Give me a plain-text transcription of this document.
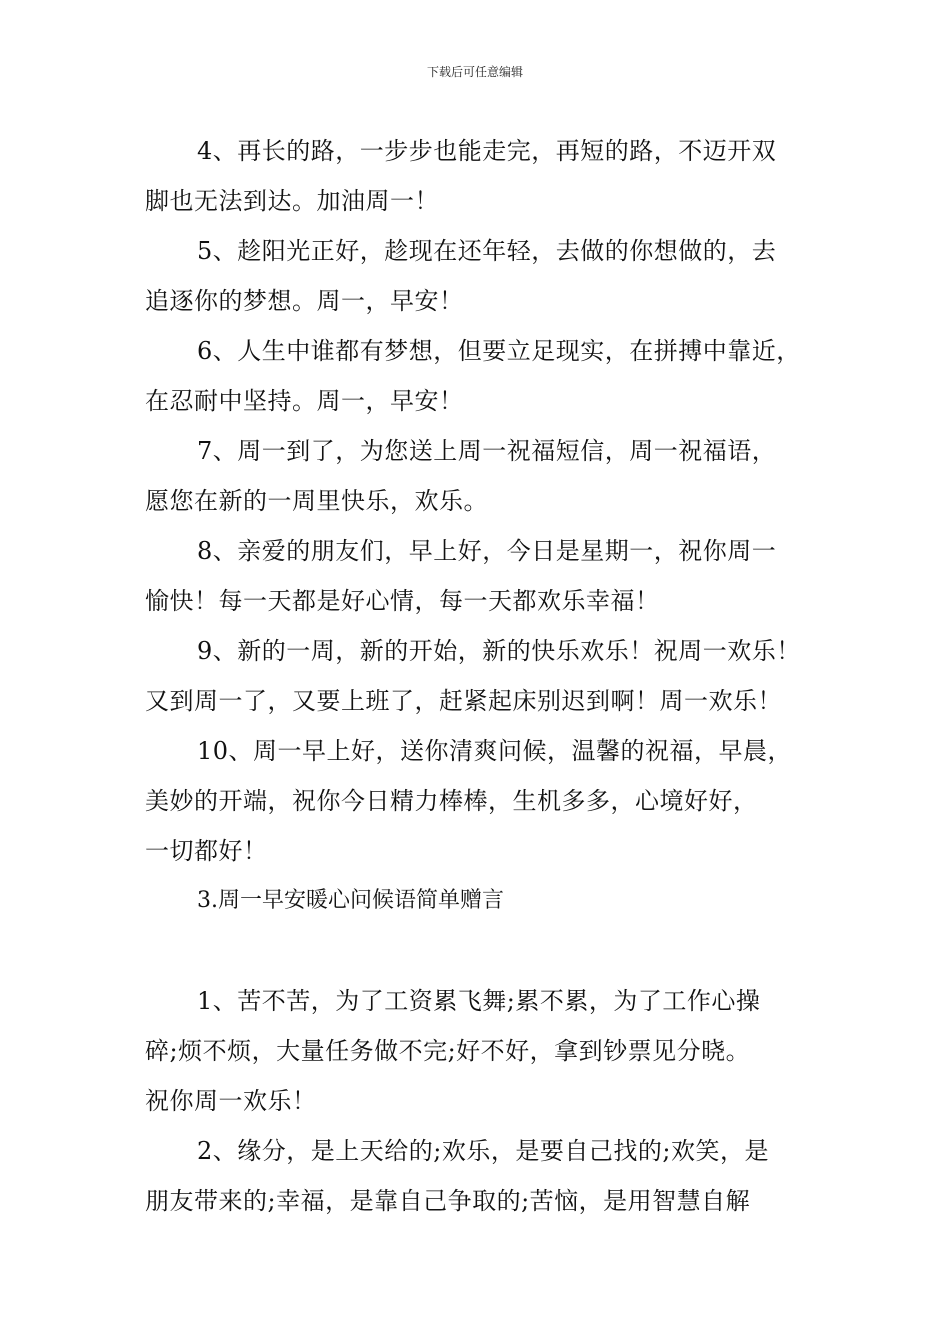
下载后可任意编辑
4、再长的路，一步步也能走完，再短的路，不迈开双
脚也无法到达。加油周一！
5、趁阳光正好，趁现在还年轻，去做的你想做的，去
追逐你的梦想。周一，早安！
6、人生中谁都有梦想，但要立足现实，在拼搏中靠近，
在忍耐中坚持。周一，早安！
7、周一到了，为您送上周一祝福短信，周一祝福语，
愿您在新的一周里快乐，欢乐。
8、亲爱的朋友们，早上好，今日是星期一，祝你周一
愉快！每一天都是好心情，每一天都欢乐幸福！
9、新的一周，新的开始，新的快乐欢乐！祝周一欢乐！
又到周一了，又要上班了，赶紧起床别迟到啊！周一欢乐！
10、周一早上好，送你清爽问候，温馨的祝福，早晨，
美妙的开端，祝你今日精力棒棒，生机多多，心境好好，
一切都好！
3.周一早安暖心问候语简单赠言
1、苦不苦，为了工资累飞舞;累不累，为了工作心操
碎;烦不烦，大量任务做不完;好不好，拿到钞票见分晓。
祝你周一欢乐！
2、缘分，是上天给的;欢乐，是要自己找的;欢笑，是
朋友带来的;幸福，是靠自己争取的;苦恼，是用智慧自解
